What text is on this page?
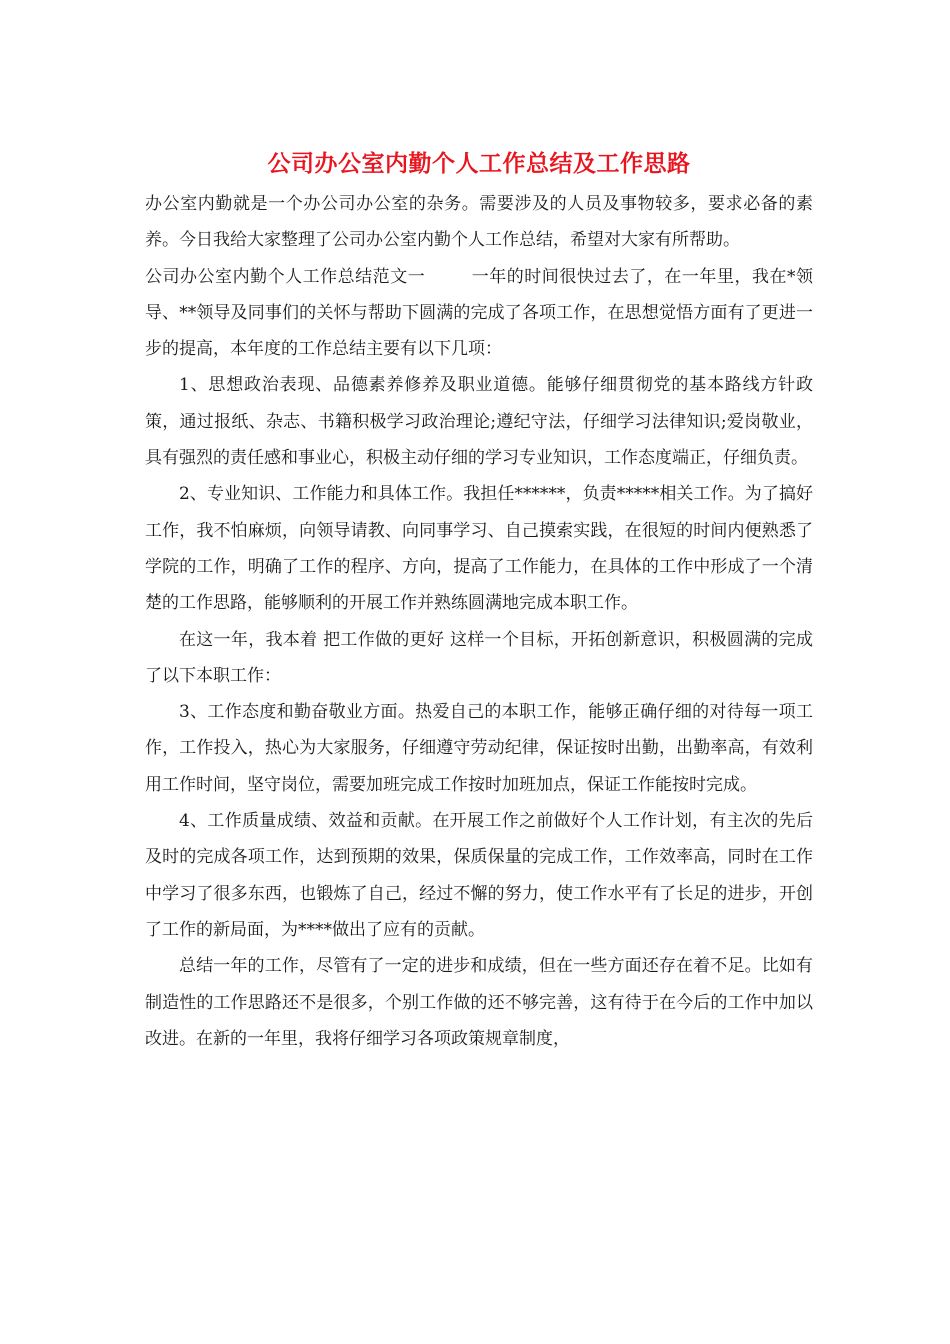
公司办公室内勤个人工作总结及工作思路

办公室内勤就是一个办公司办公室的杂务。需要涉及的人员及事物较多，要求必备的素养。今日我给大家整理了公司办公室内勤个人工作总结，希望对大家有所帮助。

公司办公室内勤个人工作总结范文一	一年的时间很快过去了，在一年里，我在*领导、**领导及同事们的关怀与帮助下圆满的完成了各项工作，在思想觉悟方面有了更进一步的提高，本年度的工作总结主要有以下几项：

1、思想政治表现、品德素养修养及职业道德。能够仔细贯彻党的基本路线方针政策，通过报纸、杂志、书籍积极学习政治理论;遵纪守法，仔细学习法律知识;爱岗敬业，具有强烈的责任感和事业心，积极主动仔细的学习专业知识，工作态度端正，仔细负责。

2、专业知识、工作能力和具体工作。我担任******，负责*****相关工作。为了搞好工作，我不怕麻烦，向领导请教、向同事学习、自己摸索实践，在很短的时间内便熟悉了学院的工作，明确了工作的程序、方向，提高了工作能力，在具体的工作中形成了一个清楚的工作思路，能够顺利的开展工作并熟练圆满地完成本职工作。

在这一年，我本着 把工作做的更好 这样一个目标，开拓创新意识，积极圆满的完成了以下本职工作：

3、工作态度和勤奋敬业方面。热爱自己的本职工作，能够正确仔细的对待每一项工作，工作投入，热心为大家服务，仔细遵守劳动纪律，保证按时出勤，出勤率高，有效利用工作时间，坚守岗位，需要加班完成工作按时加班加点，保证工作能按时完成。

4、工作质量成绩、效益和贡献。在开展工作之前做好个人工作计划，有主次的先后及时的完成各项工作，达到预期的效果，保质保量的完成工作，工作效率高，同时在工作中学习了很多东西，也锻炼了自己，经过不懈的努力，使工作水平有了长足的进步，开创了工作的新局面，为****做出了应有的贡献。

总结一年的工作，尽管有了一定的进步和成绩，但在一些方面还存在着不足。比如有制造性的工作思路还不是很多，个别工作做的还不够完善，这有待于在今后的工作中加以改进。在新的一年里，我将仔细学习各项政策规章制度，
